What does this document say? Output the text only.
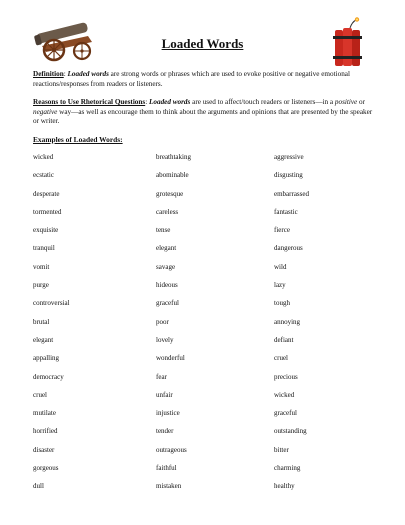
Loaded Words
Definition: Loaded words are strong words or phrases which are used to evoke positive or negative emotional reactions/responses from readers or listeners.
Reasons to Use Rhetorical Questions: Loaded words are used to affect/touch readers or listeners—in a positive or negative way—as well as encourage them to think about the arguments and opinions that are presented by the speaker or writer.
Examples of Loaded Words:
wicked	breathtaking	aggressive
ecstatic	abominable	disgusting
desperate	grotesque	embarrassed
tormented	careless	fantastic
exquisite	tense	fierce
tranquil	elegant	dangerous
vomit	savage	wild
purge	hideous	lazy
controversial	graceful	tough
brutal	poor	annoying
elegant	lovely	defiant
appalling	wonderful	cruel
democracy	fear	precious
cruel	unfair	wicked
mutilate	injustice	graceful
horrified	tender	outstanding
disaster	outrageous	bitter
gorgeous	faithful	charming
dull	mistaken	healthy
